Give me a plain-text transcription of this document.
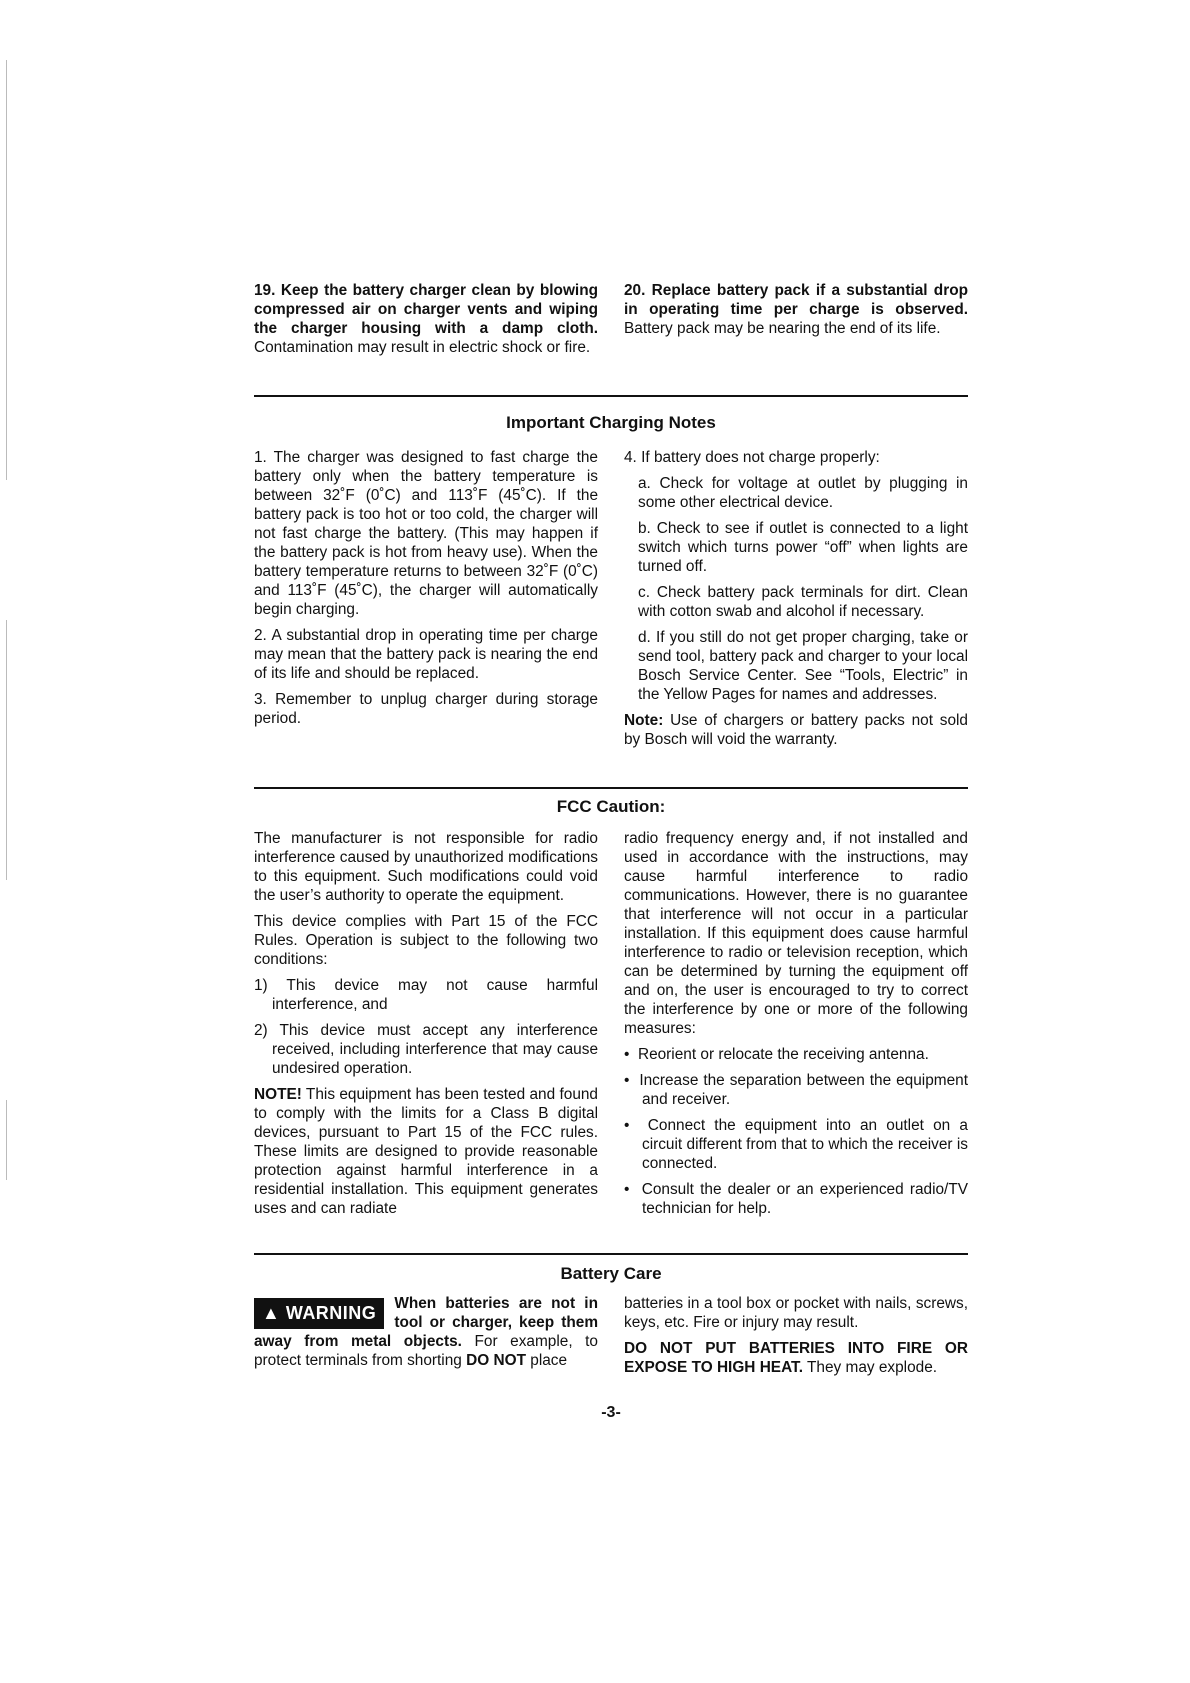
19. Keep the battery charger clean by blowing compressed air on charger vents and wiping the charger housing with a damp cloth. Contamination may result in electric shock or fire.

20. Replace battery pack if a substantial drop in operating time per charge is observed. Battery pack may be nearing the end of its life.

Important Charging Notes

1. The charger was designed to fast charge the battery only when the battery temperature is between 32˚F (0˚C) and 113˚F (45˚C). If the battery pack is too hot or too cold, the charger will not fast charge the battery. (This may happen if the battery pack is hot from heavy use). When the battery temperature returns to between 32˚F (0˚C) and 113˚F (45˚C), the charger will automatically begin charging.

2. A substantial drop in operating time per charge may mean that the battery pack is nearing the end of its life and should be replaced.

3. Remember to unplug charger during storage period.

4. If battery does not charge properly:

a. Check for voltage at outlet by plugging in some other electrical device.

b. Check to see if outlet is connected to a light switch which turns power “off” when lights are turned off.

c. Check battery pack terminals for dirt. Clean with cotton swab and alcohol if necessary.

d. If you still do not get proper charging, take or send tool, battery pack and charger to your local Bosch Service Center. See “Tools, Electric” in the Yellow Pages for names and addresses.

Note: Use of chargers or battery packs not sold by Bosch will void the warranty.

FCC Caution:

The manufacturer is not responsible for radio interference caused by unauthorized modifications to this equipment. Such modifications could void the user’s authority to operate the equipment.

This device complies with Part 15 of the FCC Rules. Operation is subject to the following two conditions:

1) This device may not cause harmful interference, and

2) This device must accept any interference received, including interference that may cause undesired operation.

NOTE! This equipment has been tested and found to comply with the limits for a Class B digital devices, pursuant to Part 15 of the FCC rules. These limits are designed to provide reasonable protection against harmful interference in a residential installation. This equipment generates uses and can radiate

radio frequency energy and, if not installed and used in accordance with the instructions, may cause harmful interference to radio communications. However, there is no guarantee that interference will not occur in a particular installation. If this equipment does cause harmful interference to radio or television reception, which can be determined by turning the equipment off and on, the user is encouraged to try to correct the interference by one or more of the following measures:

•  Reorient or relocate the receiving antenna.

•  Increase the separation between the equipment and receiver.

•  Connect the equipment into an outlet on a circuit different from that to which the receiver is connected.

•  Consult the dealer or an experienced radio/TV technician for help.

Battery Care

▲ WARNING	When batteries are not in tool or charger, keep them away from metal objects. For example, to protect terminals from shorting DO NOT place

batteries in a tool box or pocket with nails, screws, keys, etc. Fire or injury may result.

DO NOT PUT BATTERIES INTO FIRE OR EXPOSE TO HIGH HEAT. They may explode.

-3-
